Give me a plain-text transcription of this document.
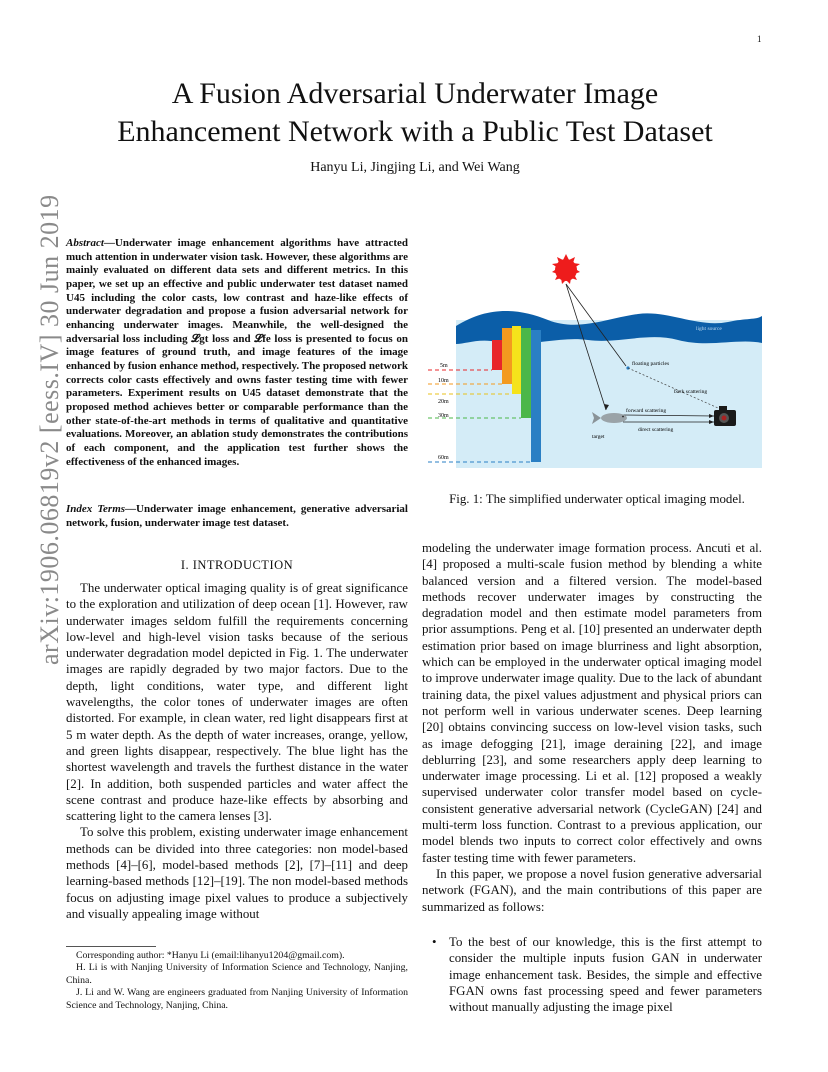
1
arXiv:1906.06819v2 [eess.IV] 30 Jun 2019
A Fusion Adversarial Underwater Image
Enhancement Network with a Public Test Dataset
Hanyu Li, Jingjing Li, and Wei Wang
Abstract—Underwater image enhancement algorithms have attracted much attention in underwater vision task. However, these algorithms are mainly evaluated on different data sets and different metrics. In this paper, we set up an effective and public underwater test dataset named U45 including the color casts, low contrast and haze-like effects of underwater degradation and propose a fusion adversarial network for enhancing underwater images. Meanwhile, the well-designed the adversarial loss including 𝓛gt loss and 𝓛fe loss is presented to focus on image features of ground truth, and image features of the image enhanced by fusion enhance method, respectively. The proposed network corrects color casts effectively and owns faster testing time with fewer parameters. Experiment results on U45 dataset demonstrate that the proposed method achieves better or comparable performance than the other state-of-the-art methods in terms of qualitative and quantitative evaluations. Moreover, an ablation study demonstrates the contributions of each component, and the application test further shows the effectiveness of the enhanced images.
Index Terms—Underwater image enhancement, generative adversarial network, fusion, underwater image test dataset.
I. INTRODUCTION

The underwater optical imaging quality is of great significance to the exploration and utilization of deep ocean [1]. However, raw underwater images seldom fulfill the requirements concerning low-level and high-level vision tasks because of the serious underwater degradation model depicted in Fig. 1. The underwater images are rapidly degraded by two major factors. Due to the depth, light conditions, water type, and different light wavelengths, the color tones of underwater images are often distorted. For example, in clean water, red light disappears first at 5 m water depth. As the depth of water increases, orange, yellow, and green lights disappear, respectively. The blue light has the shortest wavelength and travels the furthest distance in the water [2]. In addition, both suspended particles and water affect the scene contrast and produce haze-like effects by absorbing and scattering light to the camera lenses [3].

To solve this problem, existing underwater image enhancement methods can be divided into three categories: non model-based methods [4]–[6], model-based methods [2], [7]–[11] and deep learning-based methods [12]–[19]. The non model-based methods focus on adjusting image pixel values to produce a subjectively and visually appealing image without

Corresponding author: *Hanyu Li (email:lihanyu1204@gmail.com).

H. Li is with Nanjing University of Information Science and Technology, Nanjing, China.

J. Li and W. Wang are engineers graduated from Nanjing University of Information Science and Technology, Nanjing, China.

light source
5m
10m
20m
30m
60m
floating particles
back scattering
forward scattering
direct scattering
target
Fig. 1: The simplified underwater optical imaging model.

modeling the underwater image formation process. Ancuti et al. [4] proposed a multi-scale fusion method by blending a white balanced version and a filtered version. The model-based methods recover underwater images by constructing the degradation model and then estimate model parameters from prior assumptions. Peng et al. [10] presented an underwater depth estimation prior based on image blurriness and light absorption, which can be employed in the underwater optical imaging model to improve underwater image quality. Due to the lack of abundant training data, the pixel values adjustment and physical priors can not perform well in various underwater scenes. Deep learning [20] obtains convincing success on low-level vision tasks, such as image defogging [21], image deraining [22], and image deblurring [23], and some researchers apply deep learning to underwater image processing. Li et al. [12] proposed a weakly supervised underwater color transfer model based on cycle-consistent generative adversarial network (CycleGAN) [24] and multi-term loss function. Contrast to a previous application, our model blends two inputs to correct color effectively and owns faster testing time with fewer parameters.

In this paper, we propose a novel fusion generative adversarial network (FGAN), and the main contributions of this paper are summarized as follows:

• To the best of our knowledge, this is the first attempt to consider the multiple inputs fusion GAN in underwater image enhancement task. Besides, the simple and effective FGAN owns fast processing speed and fewer parameters without manually adjusting the image pixel
